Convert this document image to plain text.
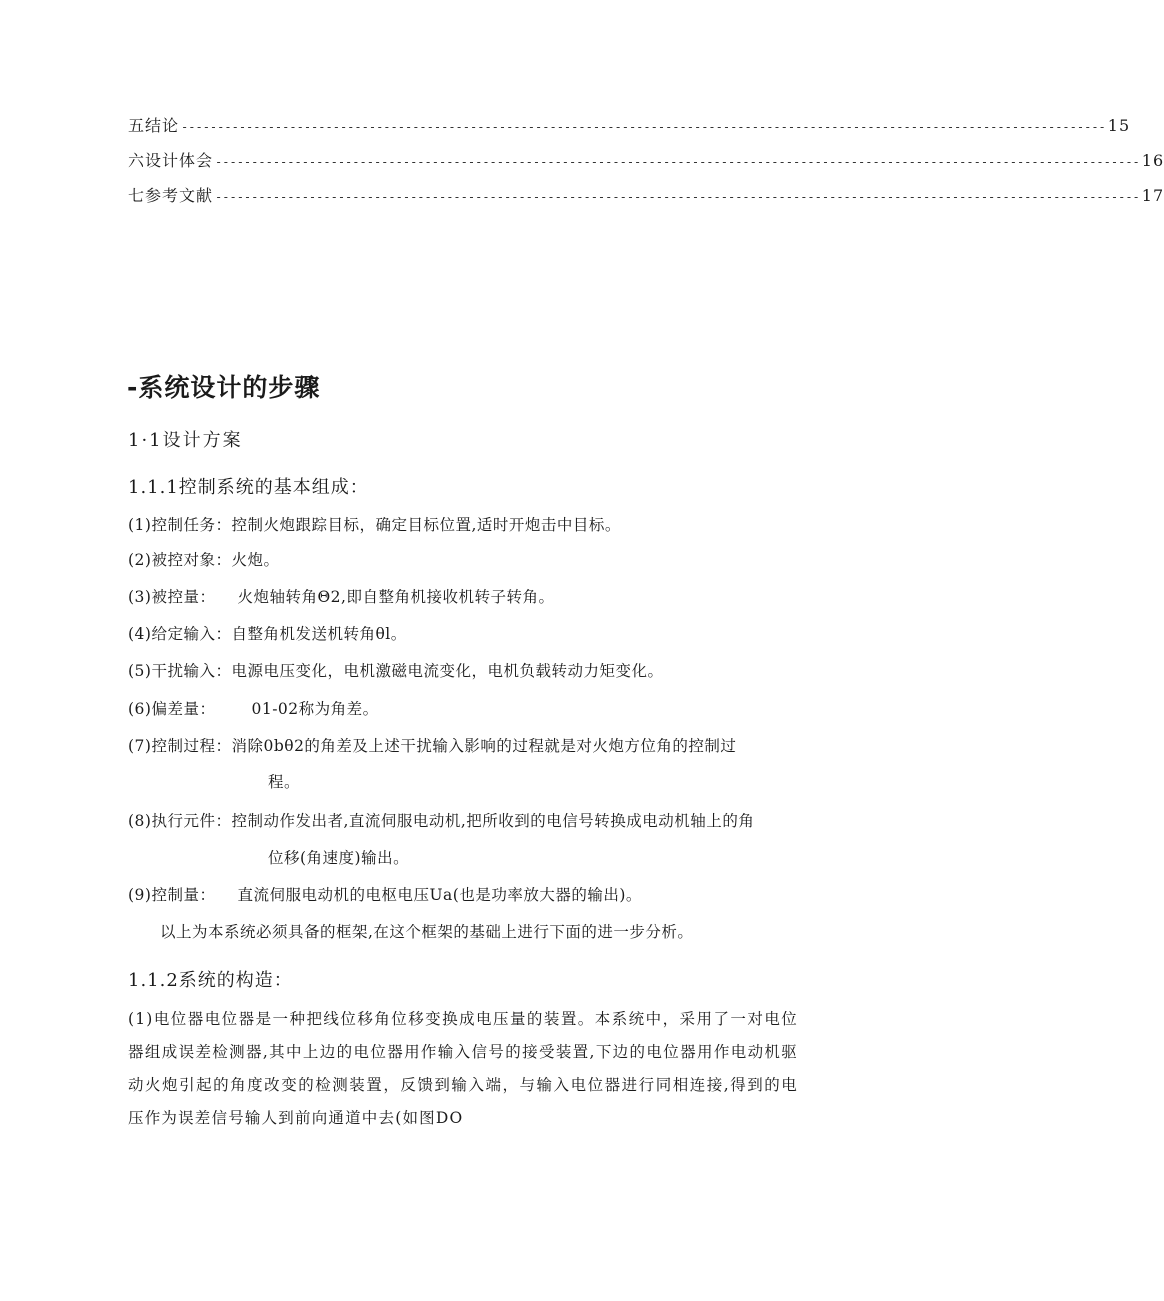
五结论 -------------------------------------------------------------------------------------------------------------------------------- 15
六设计体会 -------------------------------------------------------------------------------------------------------------------------------- 16
七参考文献 -------------------------------------------------------------------------------------------------------------------------------- 17
-系统设计的步骤
1·1设计方案
1.1.1控制系统的基本组成：
(1)控制任务：控制火炮跟踪目标，确定目标位置,适时开炮击中目标。
(2)被控对象：火炮。
(3)被控量： 火炮轴转角Θ2,即自整角机接收机转子转角。
(4)给定输入：自整角机发送机转角θl。
(5)干扰输入：电源电压变化，电机激磁电流变化，电机负载转动力矩变化。
(6)偏差量： 01-02称为角差。
(7)控制过程：消除0bθ2的角差及上述干扰输入影响的过程就是对火炮方位角的控制过
程。
(8)执行元件：控制动作发出者,直流伺服电动机,把所收到的电信号转换成电动机轴上的角
位移(角速度)输出。
(9)控制量： 直流伺服电动机的电枢电压Ua(也是功率放大器的输出)。
以上为本系统必须具备的框架,在这个框架的基础上进行下面的进一步分析。
1.1.2系统的构造：
(1)电位器电位器是一种把线位移角位移变换成电压量的装置。本系统中，采用了一对电位器组成误差检测器,其中上边的电位器用作输入信号的接受装置,下边的电位器用作电动机驱动火炮引起的角度改变的检测装置，反馈到输入端，与输入电位器进行同相连接,得到的电压作为误差信号输人到前向通道中去(如图DO
